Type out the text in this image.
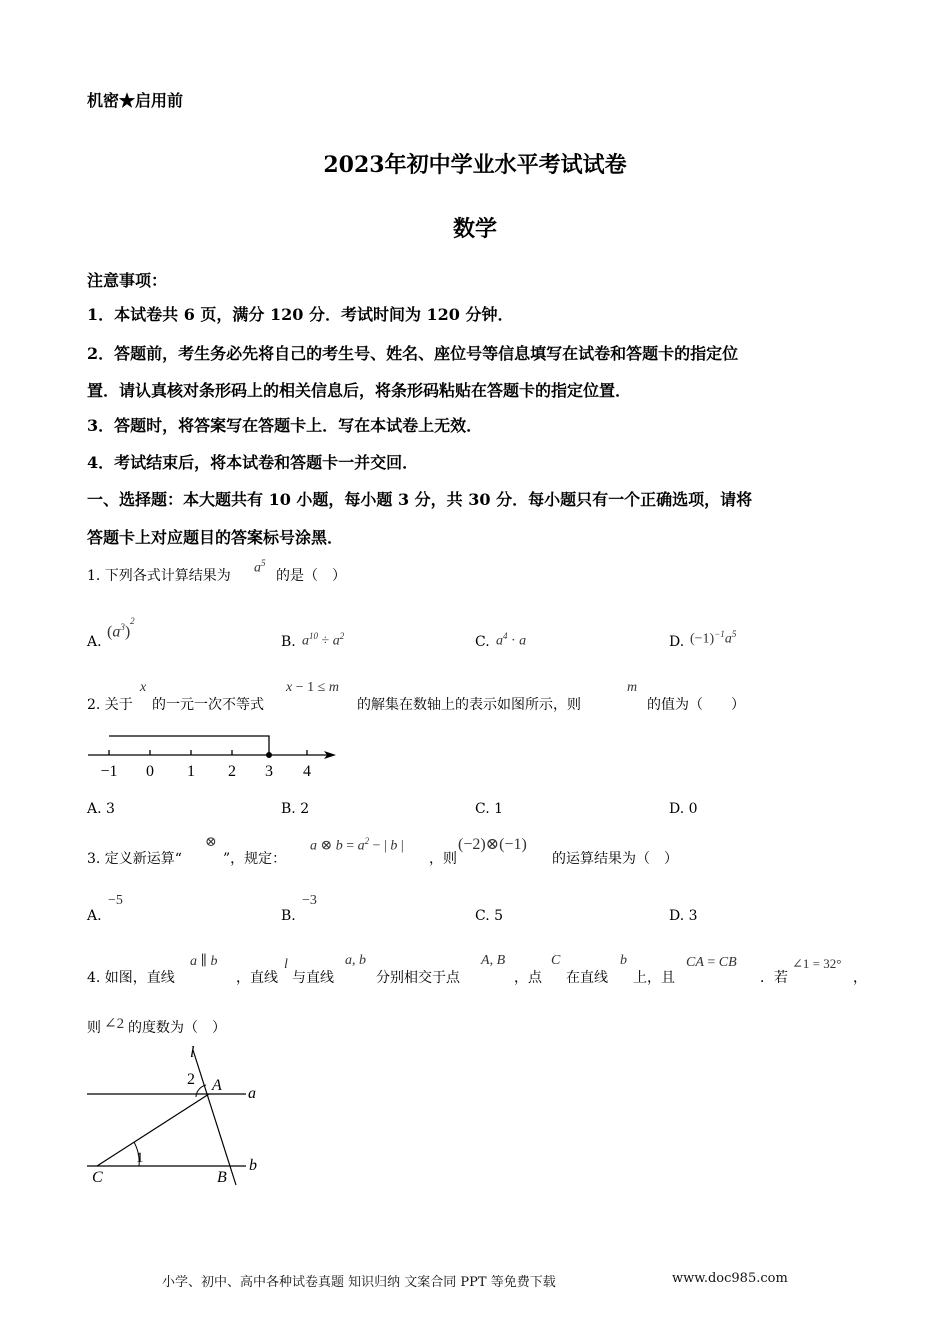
机密★启用前
2023年初中学业水平考试试卷
数学
注意事项：
1．本试卷共 6 页，满分 120 分．考试时间为 120 分钟．
2．答题前，考生务必先将自己的考生号、姓名、座位号等信息填写在试卷和答题卡的指定位
置．请认真核对条形码上的相关信息后，将条形码粘贴在答题卡的指定位置．
3．答题时，将答案写在答题卡上．写在本试卷上无效．
4．考试结束后，将本试卷和答题卡一并交回．
一、选择题：本大题共有 10 小题，每小题 3 分，共 30 分．每小题只有一个正确选项，请将
答题卡上对应题目的答案标号涂黑．
1. 下列各式计算结果为 $a^5$
的是（　）
A.
$(a^3)^2$
B. $a^{10} \div a^2$	C. $a^4 \cdot a$	D. $(-1)^{-1}a^5$
2. 关于
x
的一元一次不等式
x − 1 ≤ m
的解集在数轴上的表示如图所示，则
m
的值为（　　）
−1 0 1 2 3 4
A. 3	B. 2	C. 1	D. 0
3. 定义新运算“
⊗
”，规定：
a ⊗ $b = a^2$ − | b |
，则
(−2)⊗(−1)
的运算结果为（　）
A.
−5
B.
−3
C. 5	D. 3
4. 如图，直线
a ∥ b
，直线
l
与直线
a, b
分别相交于点
A, B
，点
C
在直线
b
上，且
CA = CB
．若
∠1 = 32°
，
则 ∠2 的度数为（　）
l
2 A a
1
C	B
b
小学、初中、高中各种试卷真题 知识归纳 文案合同 PPT 等免费下载	www.doc985.com
